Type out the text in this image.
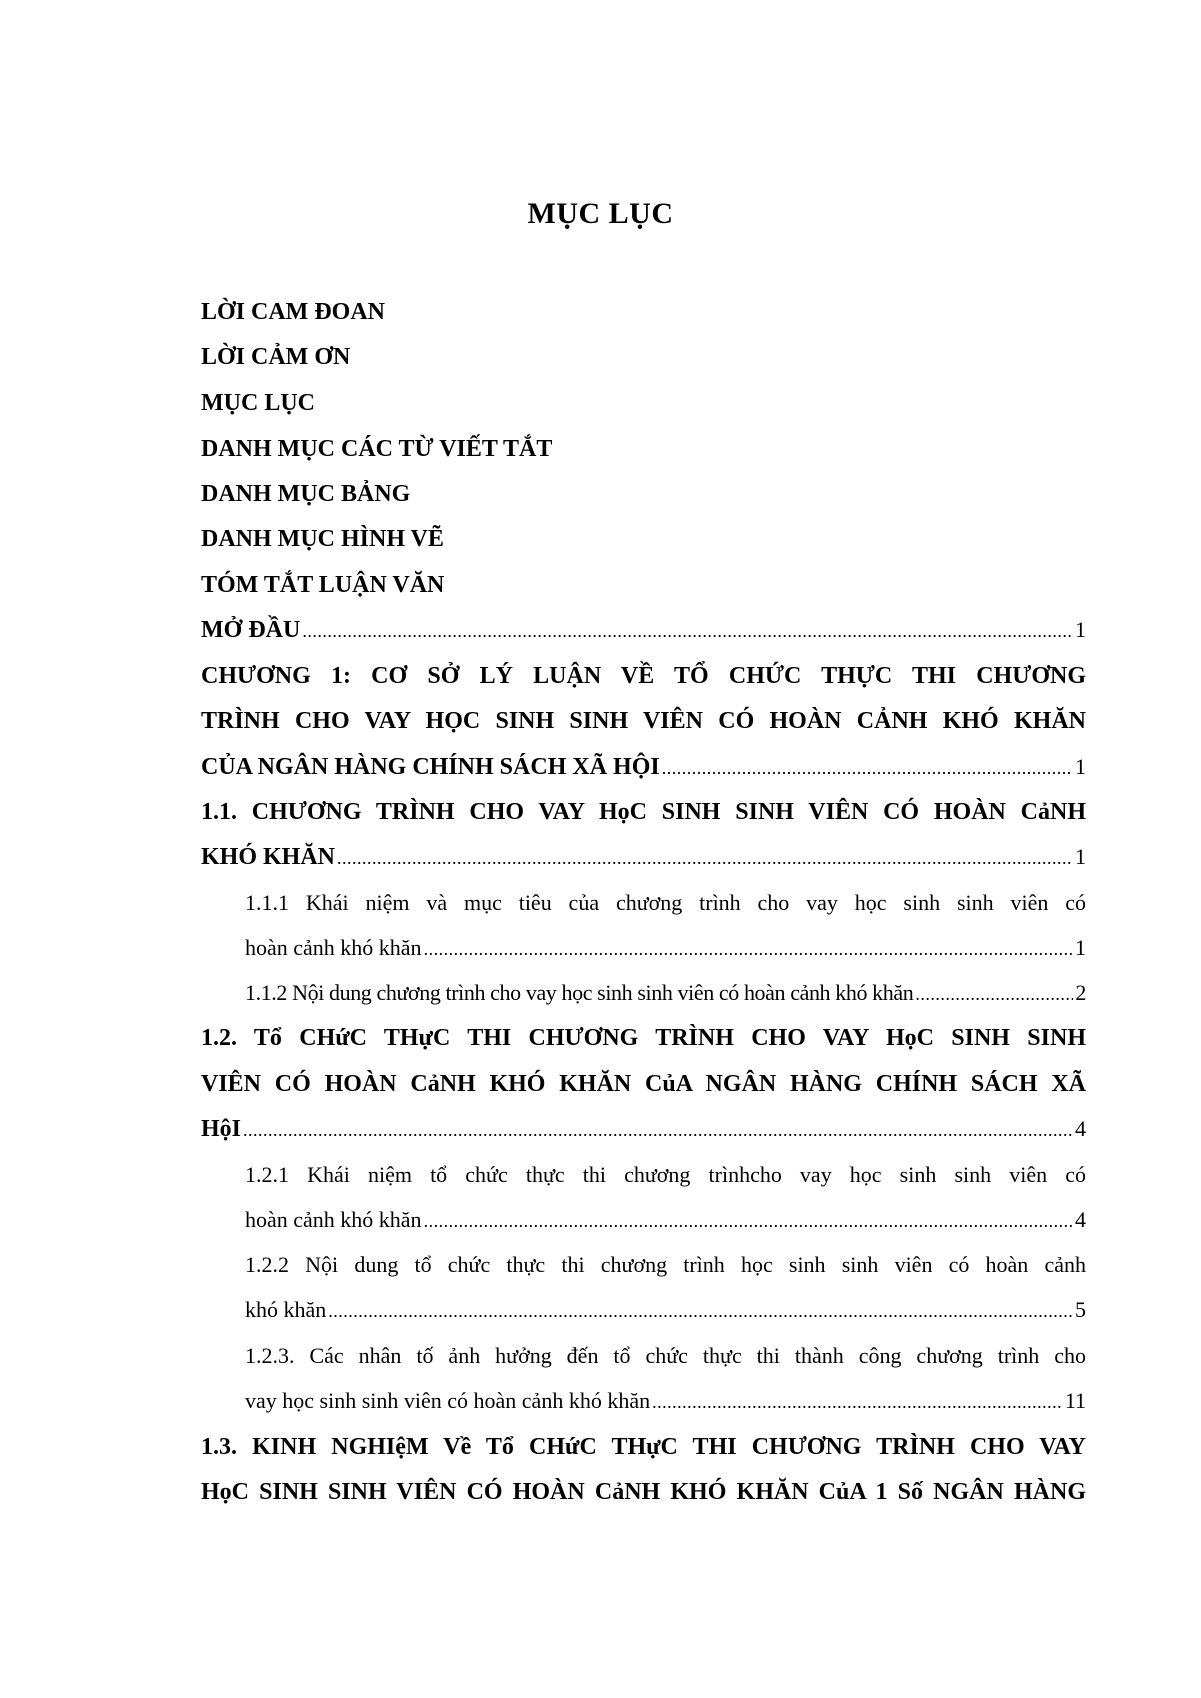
MỤC LỤC
LỜI CAM ĐOAN
LỜI CẢM ƠN
MỤC LỤC
DANH MỤC CÁC TỪ VIẾT TẮT
DANH MỤC BẢNG
DANH MỤC HÌNH VẼ
TÓM TẮT LUẬN VĂN
MỞ ĐẦU .....	1
CHƯƠNG 1: CƠ SỞ LÝ LUẬN VỀ TỔ CHỨC THỰC THI CHƯƠNG
TRÌNH CHO VAY HỌC SINH SINH VIÊN CÓ HOÀN CẢNH KHÓ KHĂN
CỦA NGÂN HÀNG CHÍNH SÁCH XÃ HỘI .....	1
1.1. CHƯƠNG TRÌNH CHO VAY HọC SINH SINH VIÊN CÓ HOÀN CảNH
KHÓ KHĂN .....	1
1.1.1 Khái niệm và mục tiêu của chương trình cho vay học sinh sinh viên có
hoàn cảnh khó khăn .....	1
1.1.2 Nội dung chương trình cho vay học sinh sinh viên có hoàn cảnh khó khăn .....	2
1.2. Tổ CHứC THựC THI CHƯƠNG TRÌNH CHO VAY HọC SINH SINH
VIÊN CÓ HOÀN CảNH KHÓ KHĂN CủA NGÂN HÀNG CHÍNH SÁCH XÃ
HộI .....	4
1.2.1 Khái niệm tổ chức thực thi chương trìnhcho vay học sinh sinh viên có
hoàn cảnh khó khăn .....	4
1.2.2 Nội dung tổ chức thực thi chương trình học sinh sinh viên có hoàn cảnh
khó khăn .....	5
1.2.3. Các nhân tố ảnh hưởng đến tổ chức thực thi thành công chương trình cho
vay học sinh sinh viên có hoàn cảnh khó khăn .....	11
1.3. KINH NGHIệM Về Tổ CHứC THựC THI CHƯƠNG TRÌNH CHO VAY
HọC SINH SINH VIÊN CÓ HOÀN CảNH KHÓ KHĂN CủA 1 Số NGÂN HÀNG
